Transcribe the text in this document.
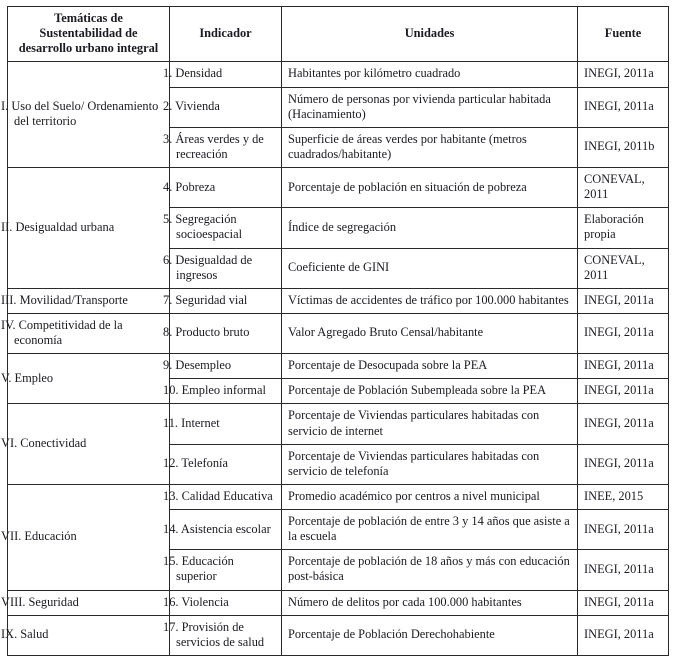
Temáticas de Sustentabilidad de desarrollo urbano integral	Indicador	Unidades	Fuente
I. Uso del Suelo/ Ordenamiento del territorio	1. Densidad	Habitantes por kilómetro cuadrado	INEGI, 2011a
	2. Vivienda	Número de personas por vivienda particular habitada (Hacinamiento)	INEGI, 2011a
	3. Áreas verdes y de recreación	Superficie de áreas verdes por habitante (metros cuadrados/habitante)	INEGI, 2011b
II. Desigualdad urbana	4. Pobreza	Porcentaje de población en situación de pobreza	CONEVAL, 2011
	5. Segregación socioespacial	Índice de segregación	Elaboración propia
	6. Desigualdad de ingresos	Coeficiente de GINI	CONEVAL, 2011
III. Movilidad/Transporte	7. Seguridad vial	Víctimas de accidentes de tráfico por 100.000 habitantes	INEGI, 2011a
IV. Competitividad de la economía	8. Producto bruto	Valor Agregado Bruto Censal/habitante	INEGI, 2011a
V. Empleo	9. Desempleo	Porcentaje de Desocupada sobre la PEA	INEGI, 2011a
	10. Empleo informal	Porcentaje de Población Subempleada sobre la PEA	INEGI, 2011a
VI. Conectividad	11. Internet	Porcentaje de Viviendas particulares habitadas con servicio de internet	INEGI, 2011a
	12. Telefonía	Porcentaje de Viviendas particulares habitadas con servicio de telefonía	INEGI, 2011a
VII. Educación	13. Calidad Educativa	Promedio académico por centros a nivel municipal	INEE, 2015
	14. Asistencia escolar	Porcentaje de población de entre 3 y 14 años que asiste a la escuela	INEGI, 2011a
	15. Educación superior	Porcentaje de población de 18 años y más con educación post-básica	INEGI, 2011a
VIII. Seguridad	16. Violencia	Número de delitos por cada 100.000 habitantes	INEGI, 2011a
IX. Salud	17. Provisión de servicios de salud	Porcentaje de Población Derechohabiente	INEGI, 2011a
